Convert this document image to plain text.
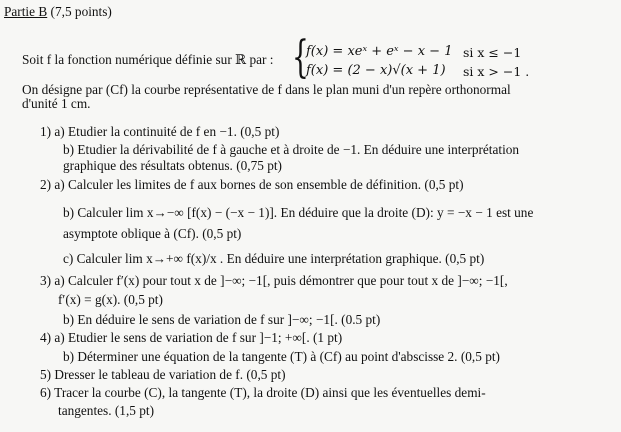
Partie B (7,5 points)
Soit f la fonction numérique définie sur ℝ par : {
f(x) = xeˣ + eˣ − x − 1 si x ≤ −1
f(x) = (2 − x)√(x + 1) si x > −1 .
On désigne par (Cf) la courbe représentative de f dans le plan muni d'un repère orthonormal
d'unité 1 cm.
1) a) Etudier la continuité de f en −1. (0,5 pt)
b) Etudier la dérivabilité de f à gauche et à droite de −1. En déduire une interprétation
graphique des résultats obtenus. (0,75 pt)
2) a) Calculer les limites de f aux bornes de son ensemble de définition. (0,5 pt)
b) Calculer lim x→−∞ [f(x) − (−x − 1)]. En déduire que la droite (D): y = −x − 1 est une
asymptote oblique à (Cf). (0,5 pt)
c) Calculer lim x→+∞ f(x)/x . En déduire une interprétation graphique. (0,5 pt)
3) a) Calculer f′(x) pour tout x de ]−∞; −1[, puis démontrer que pour tout x de ]−∞; −1[,
f′(x) = g(x). (0,5 pt)
b) En déduire le sens de variation de f sur ]−∞; −1[. (0.5 pt)
4) a) Etudier le sens de variation de f sur ]−1; +∞[. (1 pt)
b) Déterminer une équation de la tangente (T) à (Cf) au point d'abscisse 2. (0,5 pt)
5) Dresser le tableau de variation de f. (0,5 pt)
6) Tracer la courbe (C), la tangente (T), la droite (D) ainsi que les éventuelles demi-
tangentes. (1,5 pt)
